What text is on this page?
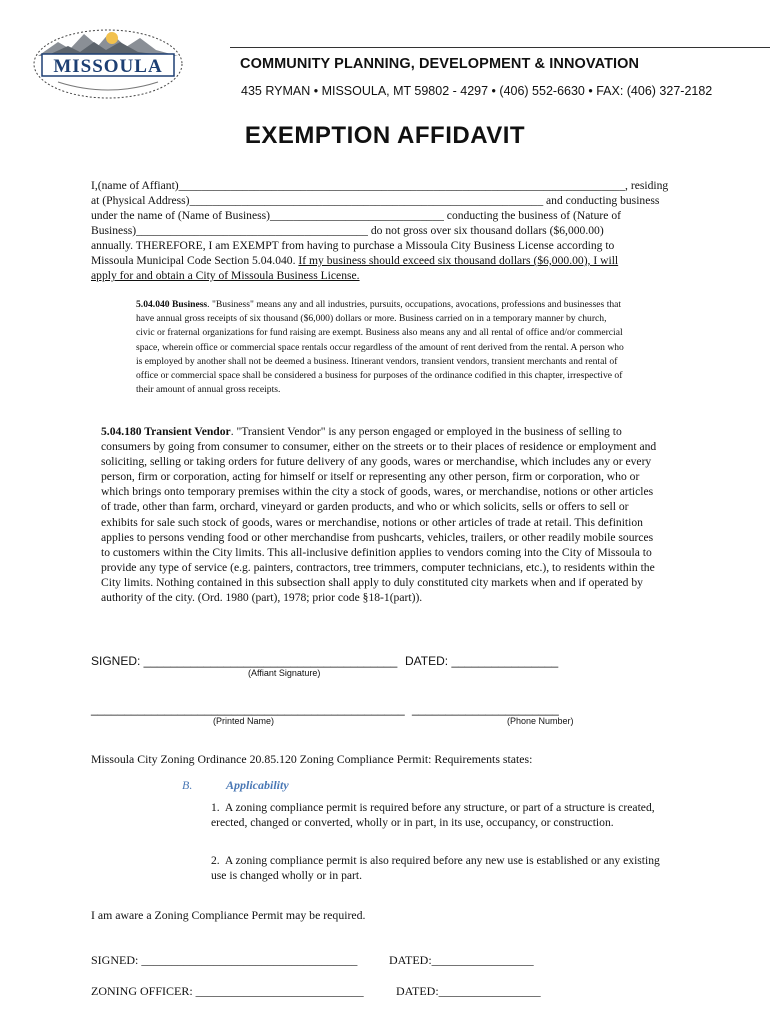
MISSOULA	COMMUNITY PLANNING, DEVELOPMENT & INNOVATION
435 RYMAN • MISSOULA, MT 59802 - 4297 • (406) 552-6630 • FAX: (406) 327-2182
EXEMPTION AFFIDAVIT
I,(name of Affiant)_____________________________________________________________________________, residing
at (Physical Address)_____________________________________________________________ and conducting business
under the name of (Name of Business)______________________________ conducting the business of (Nature of
Business)________________________________________ do not gross over six thousand dollars ($6,000.00)
annually. THEREFORE, I am EXEMPT from having to purchase a Missoula City Business License according to
Missoula Municipal Code Section 5.04.040. If my business should exceed six thousand dollars ($6,000.00), I will
apply for and obtain a City of Missoula Business License.
5.04.040 Business. "Business" means any and all industries, pursuits, occupations, avocations, professions and businesses that have annual gross receipts of six thousand ($6,000) dollars or more. Business carried on in a temporary manner by church, civic or fraternal organizations for fund raising are exempt. Business also means any and all rental of office and/or commercial space, wherein office or commercial space rentals occur regardless of the amount of rent derived from the rental. A person who is employed by another shall not be deemed a business. Itinerant vendors, transient vendors, transient merchants and rental of office or commercial space shall be considered a business for purposes of the ordinance codified in this chapter, irrespective of their amount of annual gross receipts.
5.04.180 Transient Vendor. "Transient Vendor" is any person engaged or employed in the business of selling to consumers by going from consumer to consumer, either on the streets or to their places of residence or employment and soliciting, selling or taking orders for future delivery of any goods, wares or merchandise, which includes any or every person, firm or corporation, acting for himself or itself or representing any other person, firm or corporation, who or which brings onto temporary premises within the city a stock of goods, wares, or merchandise, notions or other articles of trade, other than farm, orchard, vineyard or garden products, and who or which solicits, sells or offers to sell or exhibits for sale such stock of goods, wares or merchandise, notions or other articles of trade at retail. This definition applies to persons vending food or other merchandise from pushcarts, vehicles, trailers, or other readily mobile sources to customers within the City limits. This all-inclusive definition applies to vendors coming into the City of Missoula to provide any type of service (e.g. painters, contractors, tree trimmers, computer technicians, etc.), to residents within the City limits. Nothing contained in this subsection shall apply to duly constituted city markets when and if operated by authority of the city. (Ord. 1980 (part), 1978; prior code §18-1(part)).
SIGNED: ______________________________________ DATED: ________________
(Affiant Signature)
_______________________________________________ ______________________
(Printed Name)	(Phone Number)
Missoula City Zoning Ordinance 20.85.120 Zoning Compliance Permit: Requirements states:
B.	Applicability
1. A zoning compliance permit is required before any structure, or part of a structure is created, erected, changed or converted, wholly or in part, in its use, occupancy, or construction.
2. A zoning compliance permit is also required before any new use is established or any existing use is changed wholly or in part.
I am aware a Zoning Compliance Permit may be required.
SIGNED: ____________________________________	DATED:_________________
ZONING OFFICER: ____________________________	DATED:_________________
